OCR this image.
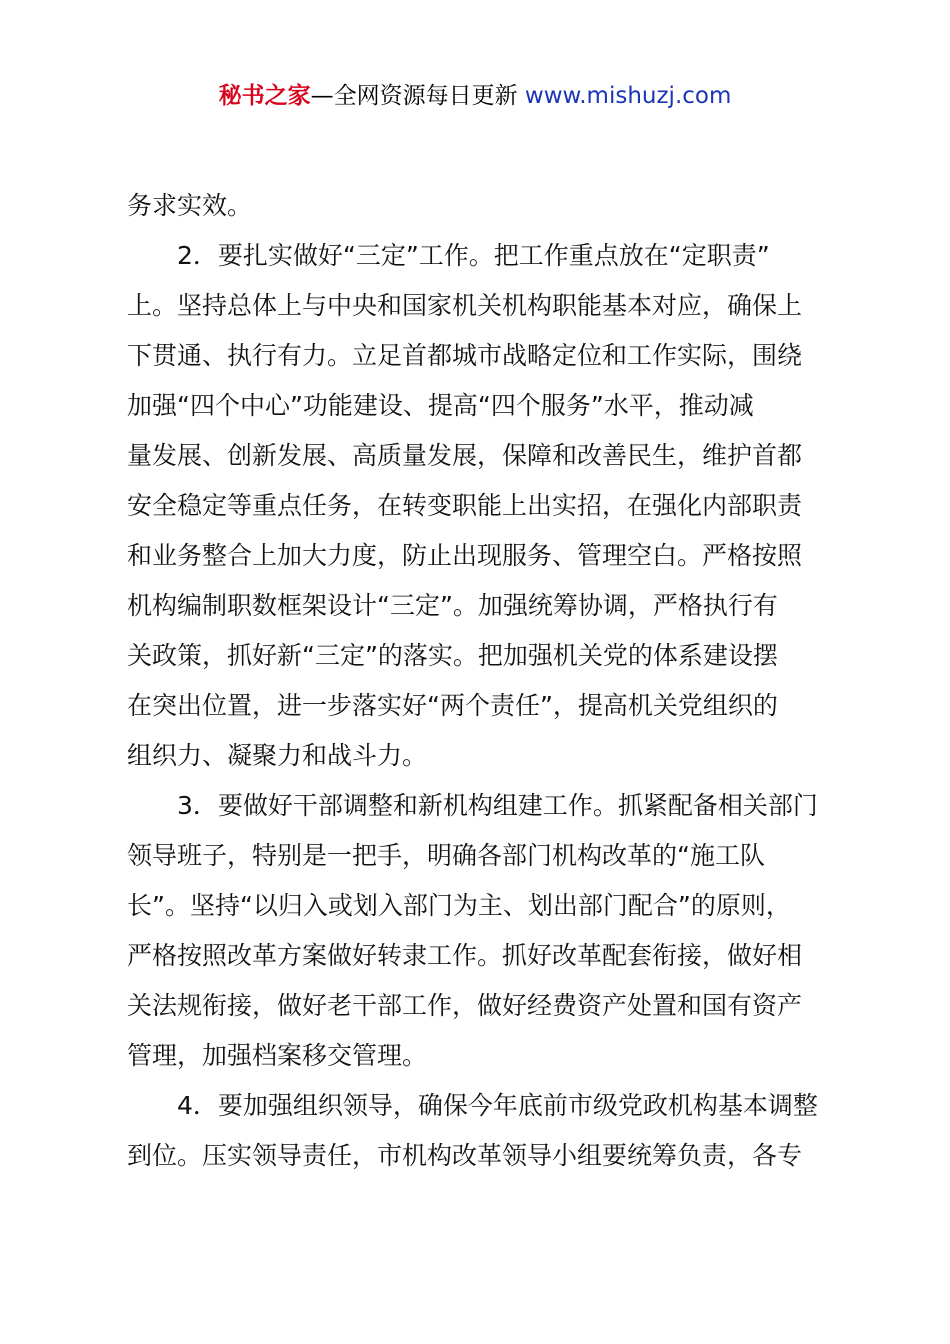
秘书之家—全网资源每日更新 www.mishuzj.com
务求实效。
2．要扎实做好“三定”工作。把工作重点放在“定职责”
上。坚持总体上与中央和国家机关机构职能基本对应，确保上
下贯通、执行有力。立足首都城市战略定位和工作实际，围绕
加强“四个中心”功能建设、提高“四个服务”水平，推动减
量发展、创新发展、高质量发展，保障和改善民生，维护首都
安全稳定等重点任务，在转变职能上出实招，在强化内部职责
和业务整合上加大力度，防止出现服务、管理空白。严格按照
机构编制职数框架设计“三定”。加强统筹协调，严格执行有
关政策，抓好新“三定”的落实。把加强机关党的体系建设摆
在突出位置，进一步落实好“两个责任”，提高机关党组织的
组织力、凝聚力和战斗力。
3．要做好干部调整和新机构组建工作。抓紧配备相关部门
领导班子，特别是一把手，明确各部门机构改革的“施工队
长”。坚持“以归入或划入部门为主、划出部门配合”的原则，
严格按照改革方案做好转隶工作。抓好改革配套衔接，做好相
关法规衔接，做好老干部工作，做好经费资产处置和国有资产
管理，加强档案移交管理。
4．要加强组织领导，确保今年底前市级党政机构基本调整
到位。压实领导责任，市机构改革领导小组要统筹负责，各专
